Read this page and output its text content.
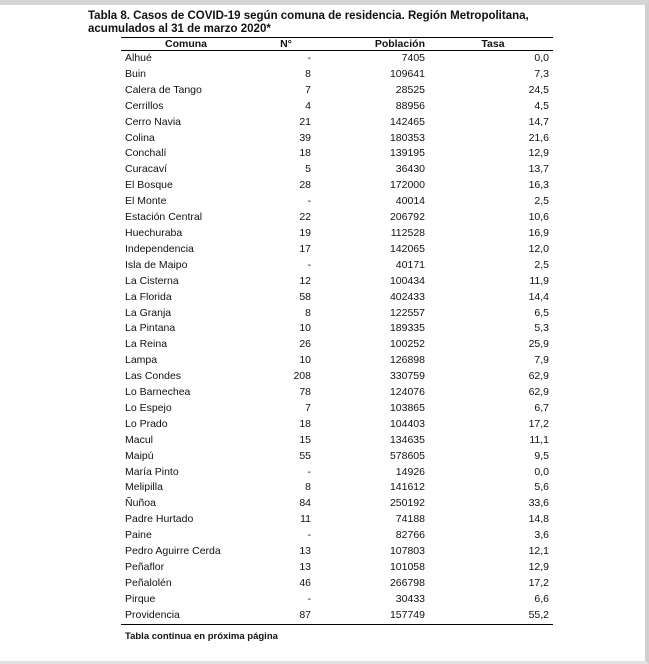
Tabla 8. Casos de COVID-19 según comuna de residencia. Región Metropolitana, acumulados al 31 de marzo 2020*

Comuna	N°	Población	Tasa
Alhué	-	7405	0,0
Buin	8	109641	7,3
Calera de Tango	7	28525	24,5
Cerrillos	4	88956	4,5
Cerro Navia	21	142465	14,7
Colina	39	180353	21,6
Conchalí	18	139195	12,9
Curacaví	5	36430	13,7
El Bosque	28	172000	16,3
El Monte	-	40014	2,5
Estación Central	22	206792	10,6
Huechuraba	19	112528	16,9
Independencia	17	142065	12,0
Isla de Maipo	-	40171	2,5
La Cisterna	12	100434	11,9
La Florida	58	402433	14,4
La Granja	8	122557	6,5
La Pintana	10	189335	5,3
La Reina	26	100252	25,9
Lampa	10	126898	7,9
Las Condes	208	330759	62,9
Lo Barnechea	78	124076	62,9
Lo Espejo	7	103865	6,7
Lo Prado	18	104403	17,2
Macul	15	134635	11,1
Maipú	55	578605	9,5
María Pinto	-	14926	0,0
Melipilla	8	141612	5,6
Ñuñoa	84	250192	33,6
Padre Hurtado	11	74188	14,8
Paine	-	82766	3,6
Pedro Aguirre Cerda	13	107803	12,1
Peñaflor	13	101058	12,9
Peñalolén	46	266798	17,2
Pirque	-	30433	6,6
Providencia	87	157749	55,2

Tabla continua en próxima página
